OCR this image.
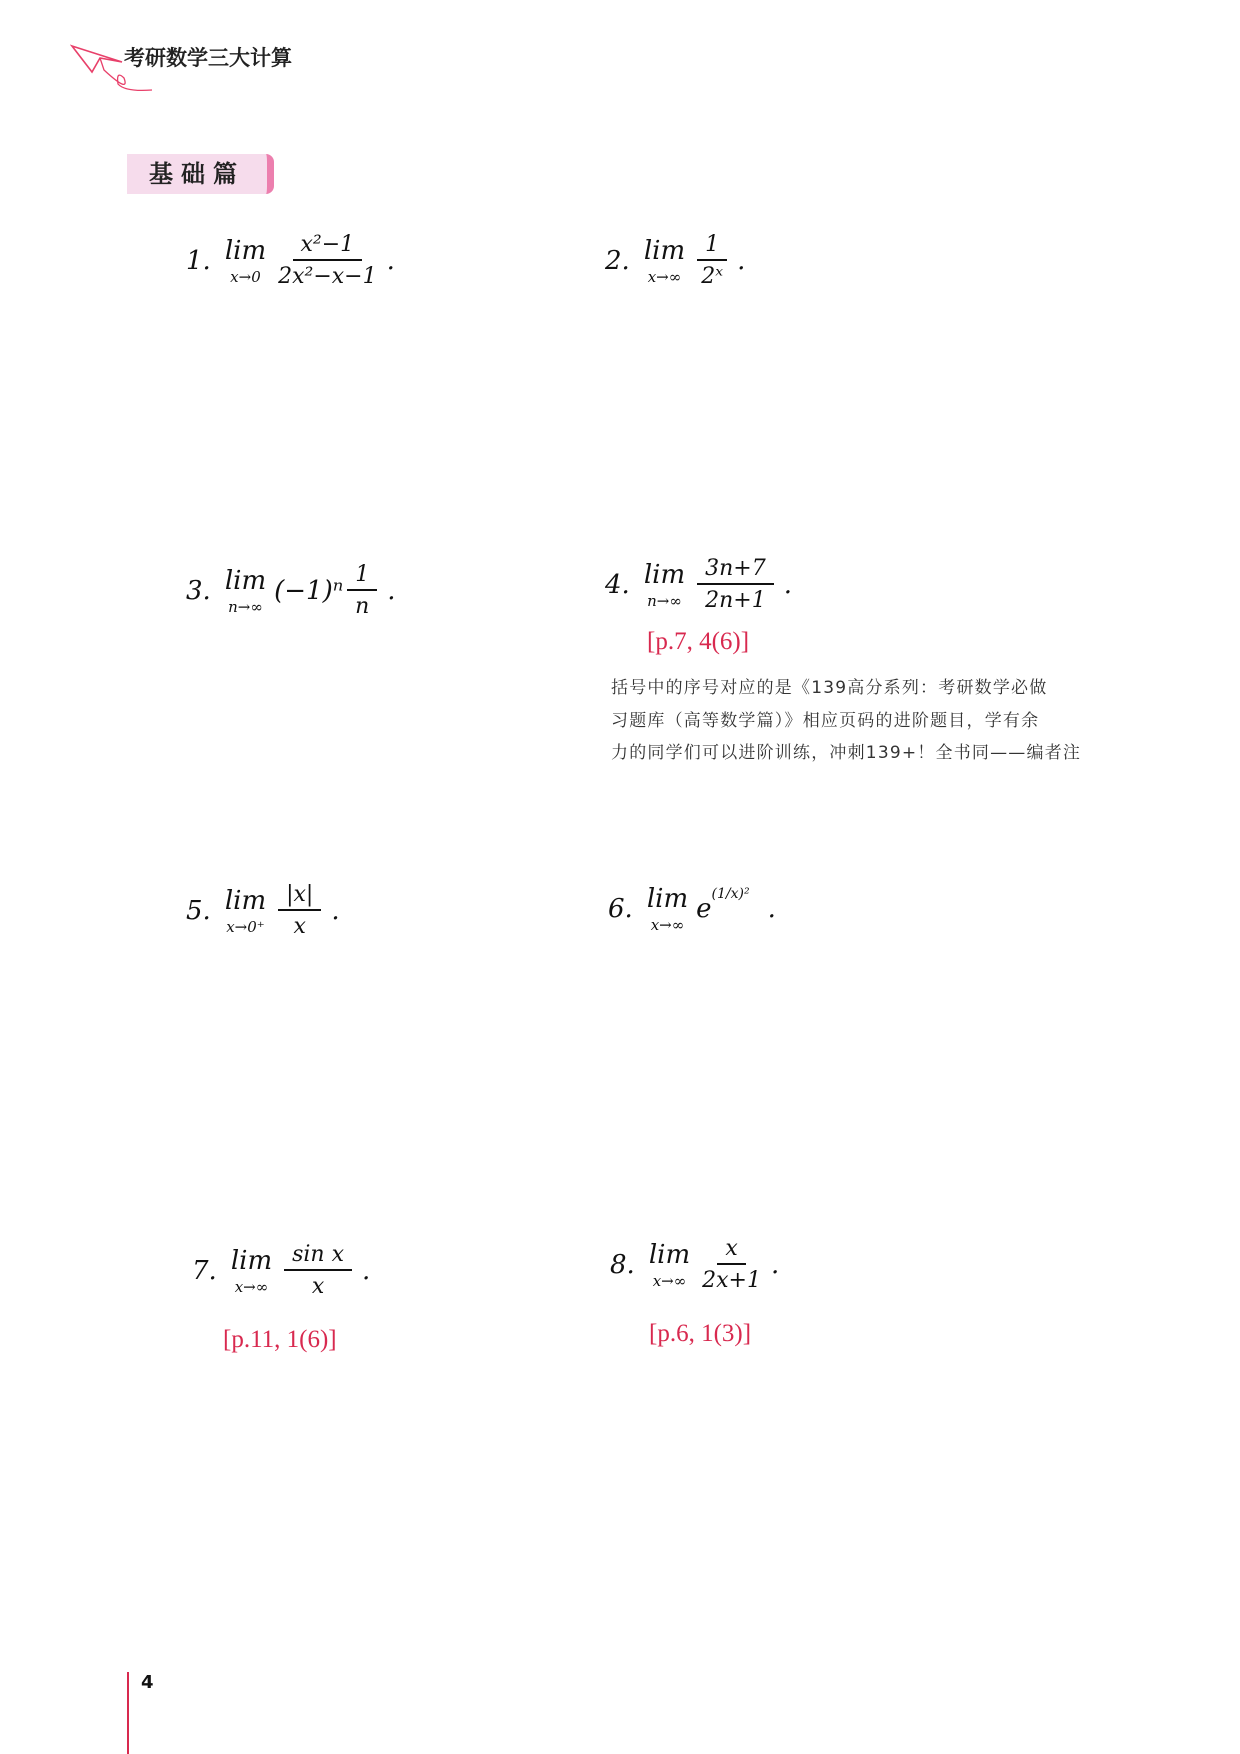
考研数学三大计算
基础篇
1. lim
$x\to 0 \frac{\text{x²−1}}{\text{2x²−x−1}}$ .	2. lim
$x\to\infty \frac{1}{\text{2ˣ}}$ .
3. lim
n→∞
$(-1)^n \frac{1}{n}$ .	4. lim
$n\to\infty \frac{3n+7}{2n+1}$ .
[p.7, 4(6)]
括号中的序号对应的是《139高分系列：考研数学必做
习题库（高等数学篇）》相应页码的进阶题目，学有余
力的同学们可以进阶训练，冲刺139+！全书同——编者注
5. lim
$x\to 0^+ \frac{|x|}{x}$ .	6. lim
x→∞
$e^{(1/x)^2}$ .
7. lim
$x\to\infty \frac{\text{sin x}}{x}$ .
[p.11, 1(6)]
8. lim
$x\to\infty \frac{x}{2x+1}$ .
[p.6, 1(3)]
4
